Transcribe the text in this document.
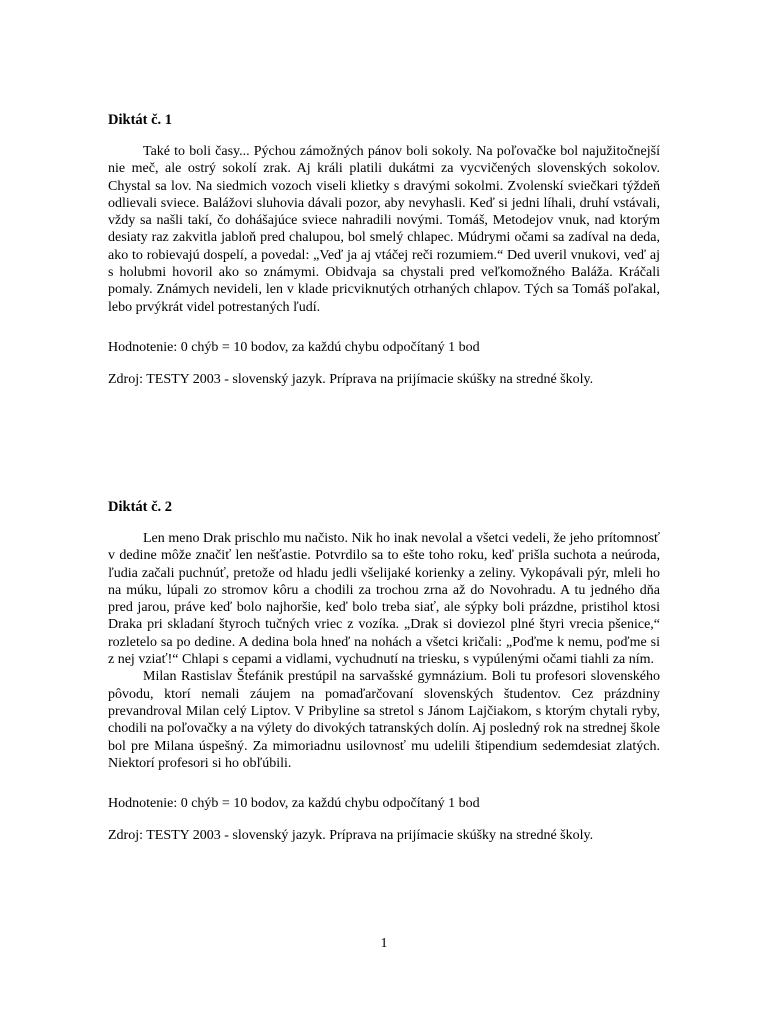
Diktát č. 1

Také to boli časy... Pýchou zámožných pánov boli sokoly. Na poľovačke bol najužitočnejší nie meč, ale ostrý sokolí zrak. Aj králi platili dukátmi za vycvičených slovenských sokolov. Chystal sa lov. Na siedmich vozoch viseli klietky s dravými sokolmi. Zvolenskí sviečkari týždeň odlievali sviece. Balážovi sluhovia dávali pozor, aby nevyhasli. Keď si jedni líhali, druhí vstávali, vždy sa našli takí, čo dohášajúce sviece nahradili novými. Tomáš, Metodejov vnuk, nad ktorým desiaty raz zakvitla jabloň pred chalupou, bol smelý chlapec. Múdrymi očami sa zadíval na deda, ako to robievajú dospelí, a povedal: „Veď ja aj vtáčej reči rozumiem.“ Ded uveril vnukovi, veď aj s holubmi hovoril ako so známymi. Obidvaja sa chystali pred veľkomožného Baláža. Kráčali pomaly. Známych nevideli, len v klade pricviknutých otrhaných chlapov. Tých sa Tomáš poľakal, lebo prvýkrát videl potrestaných ľudí.

Hodnotenie: 0 chýb = 10 bodov, za každú chybu odpočítaný 1 bod
Zdroj: TESTY 2003 - slovenský jazyk. Príprava na prijímacie skúšky na stredné školy.
Diktát č. 2

Len meno Drak prischlo mu načisto. Nik ho inak nevolal a všetci vedeli, že jeho prítomnosť v dedine môže značiť len nešťastie. Potvrdilo sa to ešte toho roku, keď prišla suchota a neúroda, ľudia začali puchnúť, pretože od hladu jedli všelijaké korienky a zeliny. Vykopávali pýr, mleli ho na múku, lúpali zo stromov kôru a chodili za trochou zrna až do Novohradu. A tu jedného dňa pred jarou, práve keď bolo najhoršie, keď bolo treba siať, ale sýpky boli prázdne, pristihol ktosi Draka pri skladaní štyroch tučných vriec z vozíka. „Drak si doviezol plné štyri vrecia pšenice,“ rozletelo sa po dedine. A dedina bola hneď na nohách a všetci kričali: „Poďme k nemu, poďme si z nej vziať!“ Chlapi s cepami a vidlami, vychudnutí na triesku, s vypúlenými očami tiahli za ním.

Milan Rastislav Štefánik prestúpil na sarvašské gymnázium. Boli tu profesori slovenského pôvodu, ktorí nemali záujem na pomaďarčovaní slovenských študentov. Cez prázdniny prevandroval Milan celý Liptov. V Pribyline sa stretol s Jánom Lajčiakom, s ktorým chytali ryby, chodili na poľovačky a na výlety do divokých tatranských dolín. Aj posledný rok na strednej škole bol pre Milana úspešný. Za mimoriadnu usilovnosť mu udelili štipendium sedemdesiat zlatých. Niektorí profesori si ho obľúbili.

Hodnotenie: 0 chýb = 10 bodov, za každú chybu odpočítaný 1 bod
Zdroj: TESTY 2003 - slovenský jazyk. Príprava na prijímacie skúšky na stredné školy.
1
